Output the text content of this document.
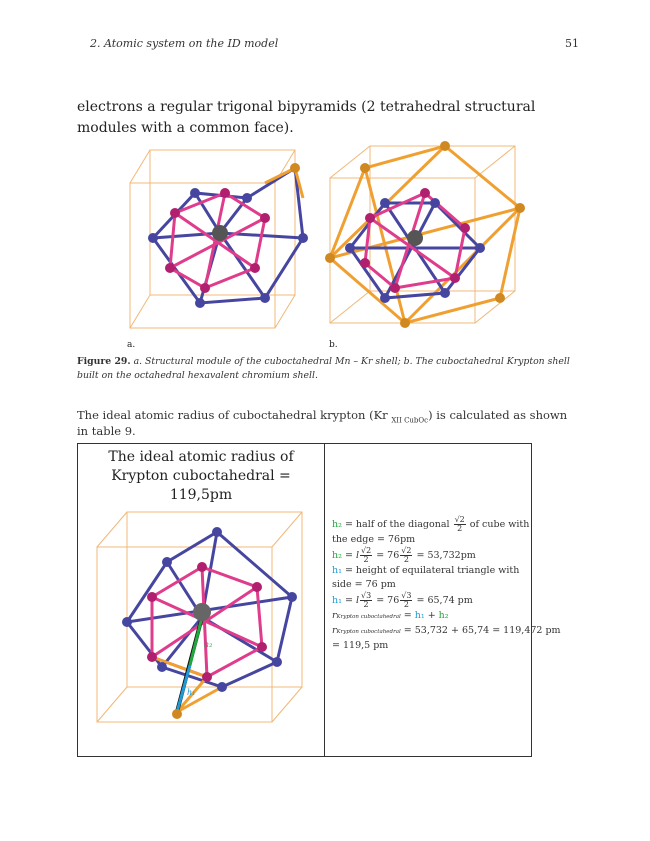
2. Atomic system on the ID model	51
electrons a regular trigonal bipyramids (2 tetrahedral structural modules with a common face).
a.	b.
Figure 29. a. Structural module of the cuboctahedral Mn – Kr shell; b. The cuboctahedral Krypton shell built on the octahedral hexavalent chromium shell.
The ideal atomic radius of cuboctahedral krypton (Kr $_{XII CubOc}$) is calculated as shown in table 9.
The ideal atomic radius of Krypton cuboctahedral = 119,5pm
h₂
h₁
h₂ = half of the diagonal $\frac{√2}{2}$ of cube with
the edge = 76pm
h₂ = l $\frac{√2}{2} = 76 \frac{√2}{2} = 53,732pm$
h₁ = height of equilateral triangle with
side = 76 pm
h₁ = l $\frac{√3}{2} = 76 \frac{√3}{2} = 65,74$ pm
rKrypton cuboctahedral = h₁ + h₂
rKrypton cuboctahedral = 53,732 + 65,74 = 119,472 pm
= 119,5 pm
